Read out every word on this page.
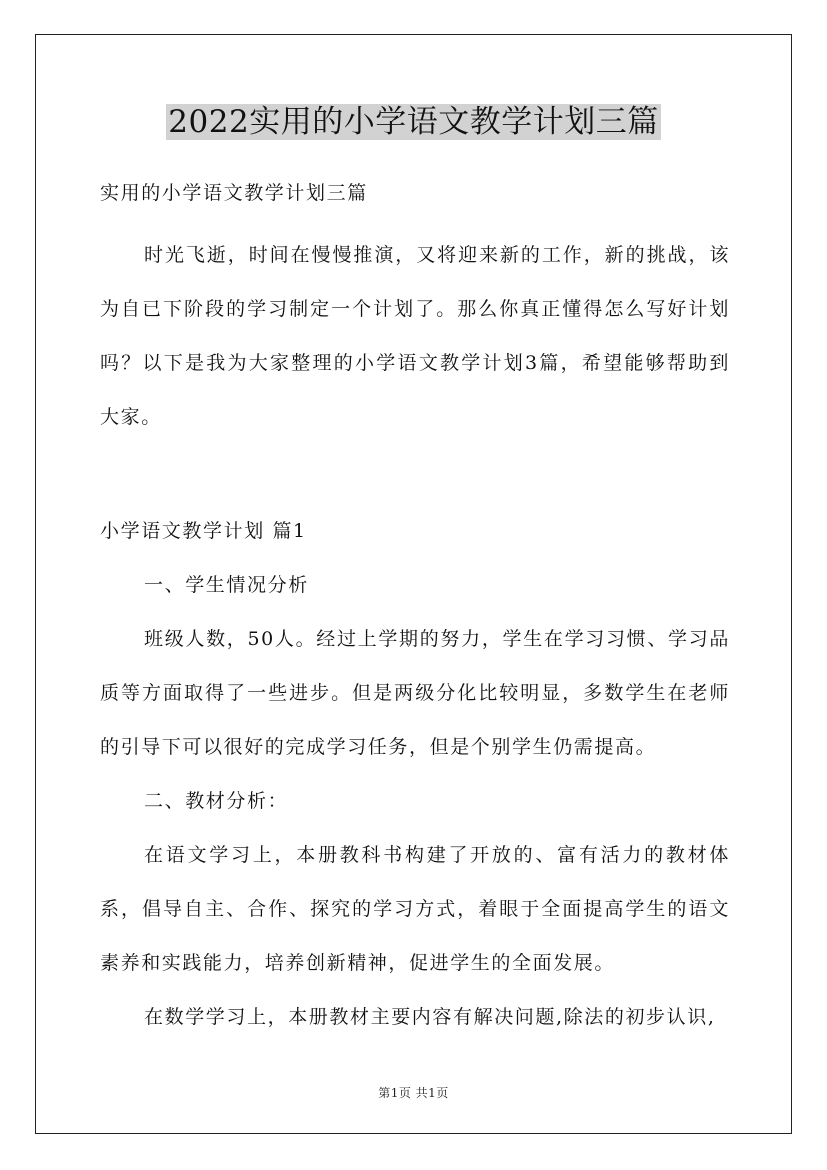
2022实用的小学语文教学计划三篇

实用的小学语文教学计划三篇

时光飞逝，时间在慢慢推演，又将迎来新的工作，新的挑战，该为自已下阶段的学习制定一个计划了。那么你真正懂得怎么写好计划吗？以下是我为大家整理的小学语文教学计划3篇，希望能够帮助到大家。

小学语文教学计划 篇1

一、学生情况分析

班级人数，50人。经过上学期的努力，学生在学习习惯、学习品质等方面取得了一些进步。但是两级分化比较明显，多数学生在老师的引导下可以很好的完成学习任务，但是个别学生仍需提高。

二、教材分析：

在语文学习上，本册教科书构建了开放的、富有活力的教材体系，倡导自主、合作、探究的学习方式，着眼于全面提高学生的语文素养和实践能力，培养创新精神，促进学生的全面发展。

在数学学习上，本册教材主要内容有解决问题,除法的初步认识,

第1页 共1页
